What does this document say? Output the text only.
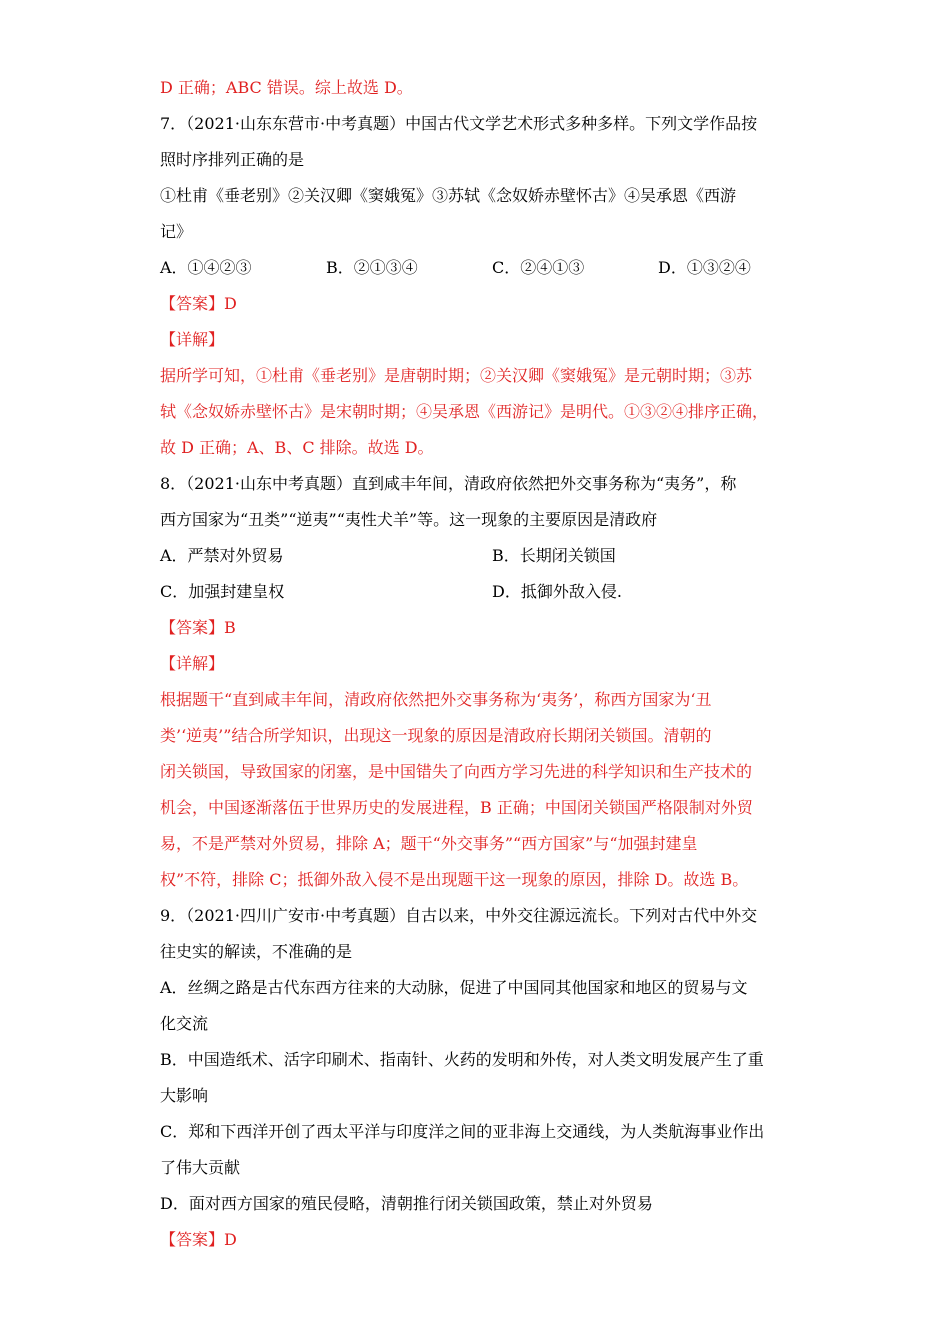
D 正确；ABC 错误。综上故选 D。
7．（2021·山东东营市·中考真题）中国古代文学艺术形式多种多样。下列文学作品按
照时序排列正确的是
①杜甫《垂老别》②关汉卿《窦娥冤》③苏轼《念奴娇赤壁怀古》④吴承恩《西游
记》
A．①④②③	B．②①③④	C．②④①③	D．①③②④
【答案】D
【详解】
据所学可知，①杜甫《垂老别》是唐朝时期；②关汉卿《窦娥冤》是元朝时期；③苏
轼《念奴娇赤壁怀古》是宋朝时期；④吴承恩《西游记》是明代。①③②④排序正确，
故 D 正确；A、B、C 排除。故选 D。
8．（2021·山东中考真题）直到咸丰年间，清政府依然把外交事务称为“夷务”，称
西方国家为“丑类”“逆夷”“夷性犬羊”等。这一现象的主要原因是清政府
A．严禁对外贸易	B．长期闭关锁国
C．加强封建皇权	D．抵御外敌入侵.
【答案】B
【详解】
根据题干“直到咸丰年间，清政府依然把外交事务称为‘夷务’，称西方国家为‘丑
类’‘逆夷’”结合所学知识，出现这一现象的原因是清政府长期闭关锁国。清朝的
闭关锁国，导致国家的闭塞，是中国错失了向西方学习先进的科学知识和生产技术的
机会，中国逐渐落伍于世界历史的发展进程，B 正确；中国闭关锁国严格限制对外贸
易，不是严禁对外贸易，排除 A；题干“外交事务”“西方国家”与“加强封建皇
权”不符，排除 C；抵御外敌入侵不是出现题干这一现象的原因，排除 D。故选 B。
9．（2021·四川广安市·中考真题）自古以来，中外交往源远流长。下列对古代中外交
往史实的解读，不准确的是
A．丝绸之路是古代东西方往来的大动脉，促进了中国同其他国家和地区的贸易与文
化交流
B．中国造纸术、活字印刷术、指南针、火药的发明和外传，对人类文明发展产生了重
大影响
C．郑和下西洋开创了西太平洋与印度洋之间的亚非海上交通线，为人类航海事业作出
了伟大贡献
D．面对西方国家的殖民侵略，清朝推行闭关锁国政策，禁止对外贸易
【答案】D
